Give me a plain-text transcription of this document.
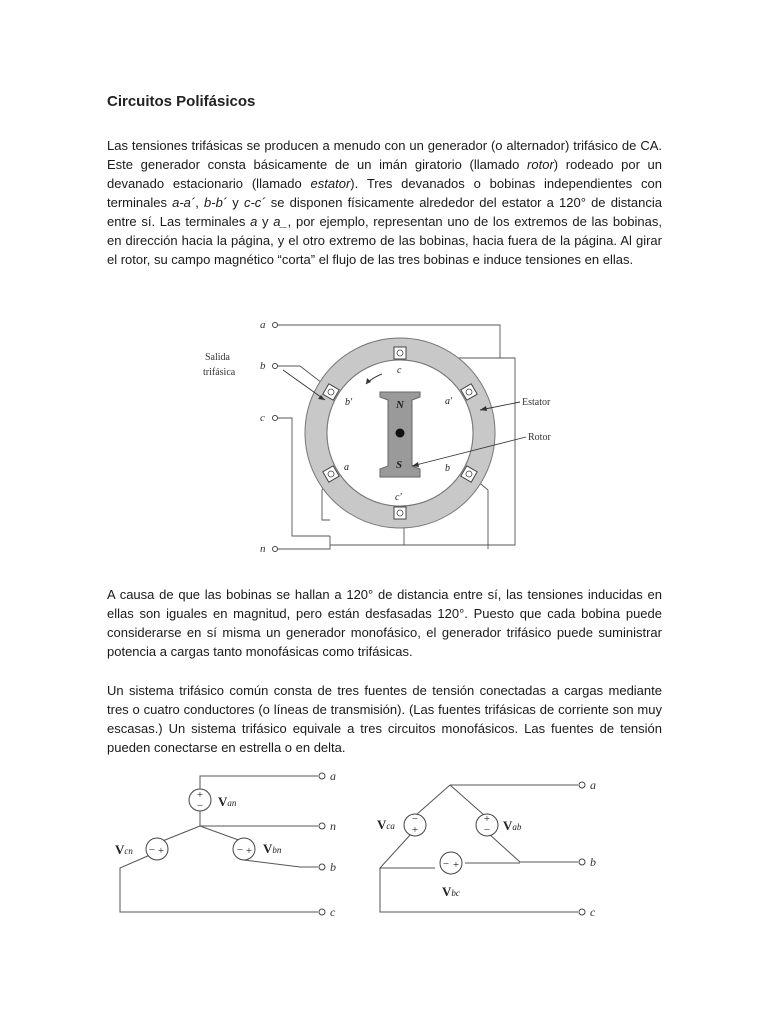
Circuitos Polifásicos

Las tensiones trifásicas se producen a menudo con un generador (o alternador) trifásico de CA. Este generador consta básicamente de un imán giratorio (llamado rotor) rodeado por un devanado estacionario (llamado estator). Tres devanados o bobinas independientes con terminales a-a´, b-b´ y c-c´ se disponen físicamente alrededor del estator a 120° de distancia entre sí. Las terminales a y a_, por ejemplo, representan uno de los extremos de las bobinas, en dirección hacia la página, y el otro extremo de las bobinas, hacia fuera de la página. Al girar el rotor, su campo magnético “corta” el flujo de las tres bobinas e induce tensiones en ellas.

a
b
c
n
N
S
c
a'
b'
a	b
c'
Salida
trifásica
Estator
Rotor

A causa de que las bobinas se hallan a 120° de distancia entre sí, las tensiones inducidas en ellas son iguales en magnitud, pero están desfasadas 120°. Puesto que cada bobina puede considerarse en sí misma un generador monofásico, el generador trifásico puede suministrar potencia a cargas tanto monofásicas como trifásicas.

Un sistema trifásico común consta de tres fuentes de tensión conectadas a cargas mediante tres o cuatro conductores (o líneas de transmisión). (Las fuentes trifásicas de corriente son muy escasas.) Un sistema trifásico equivale a tres circuitos monofásicos. Las fuentes de tensión pueden conectarse en estrella o en delta.

+
−
− +	− +
a
n
b
c
Van
Vcn	Vbn
−
+
+
−
− +
a
b
c
Vca	Vab
Vbc
